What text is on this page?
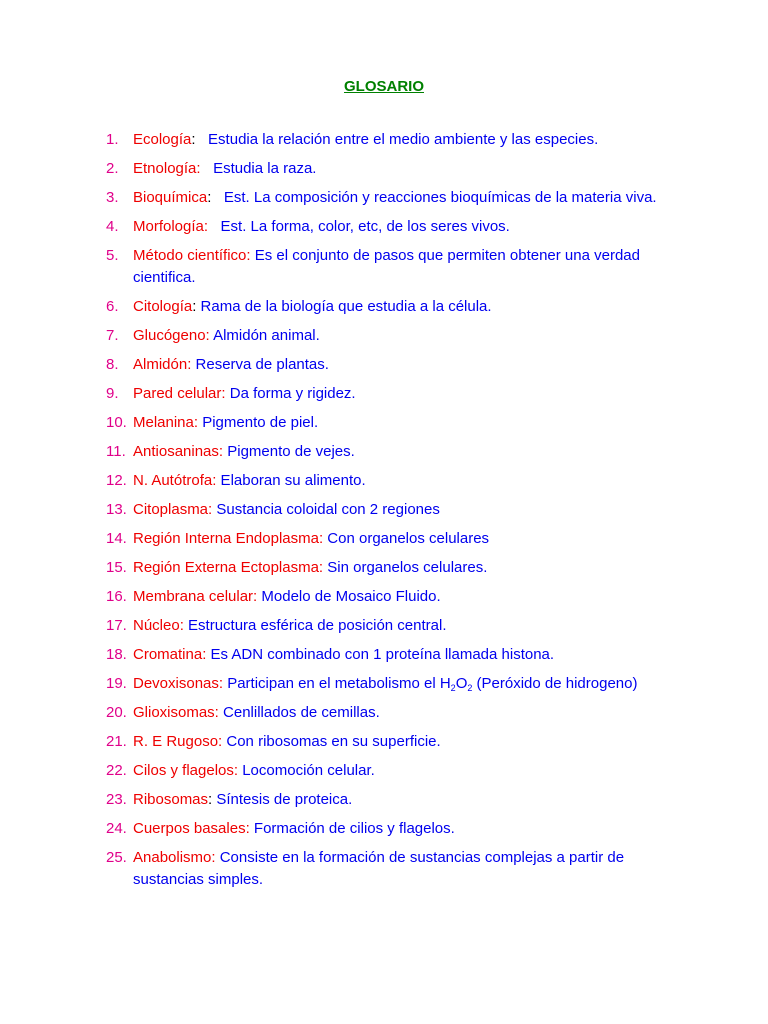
GLOSARIO
1. Ecología:   Estudia la relación entre el medio ambiente y las especies.
2. Etnología:   Estudia la raza.
3. Bioquímica:   Est. La composición y reacciones bioquímicas de la materia viva.
4. Morfología:   Est. La forma, color, etc, de los seres vivos.
5. Método científico: Es el conjunto de pasos que permiten obtener una verdad cientifica.
6. Citología: Rama de la biología que estudia a la célula.
7. Glucógeno: Almidón animal.
8. Almidón: Reserva de plantas.
9. Pared celular: Da forma y rigidez.
10. Melanina: Pigmento de piel.
11. Antiosaninas: Pigmento de vejes.
12. N. Autótrofa: Elaboran su alimento.
13. Citoplasma: Sustancia coloidal con 2 regiones
14. Región Interna Endoplasma: Con organelos celulares
15. Región Externa Ectoplasma: Sin organelos celulares.
16. Membrana celular: Modelo de Mosaico Fluido.
17. Núcleo: Estructura esférica de posición central.
18. Cromatina: Es ADN combinado con 1 proteína llamada histona.
19. Devoxisonas: Participan en el metabolismo el $H_2O_2$ (Peróxido de hidrogeno)
20. Glioxisomas: Cenlillados de cemillas.
21. R. E Rugoso: Con ribosomas en su superficie.
22. Cilos y flagelos: Locomoción celular.
23. Ribosomas: Síntesis de proteica.
24. Cuerpos basales: Formación de cilios y flagelos.
25. Anabolismo: Consiste en la formación de sustancias complejas a partir de sustancias simples.
